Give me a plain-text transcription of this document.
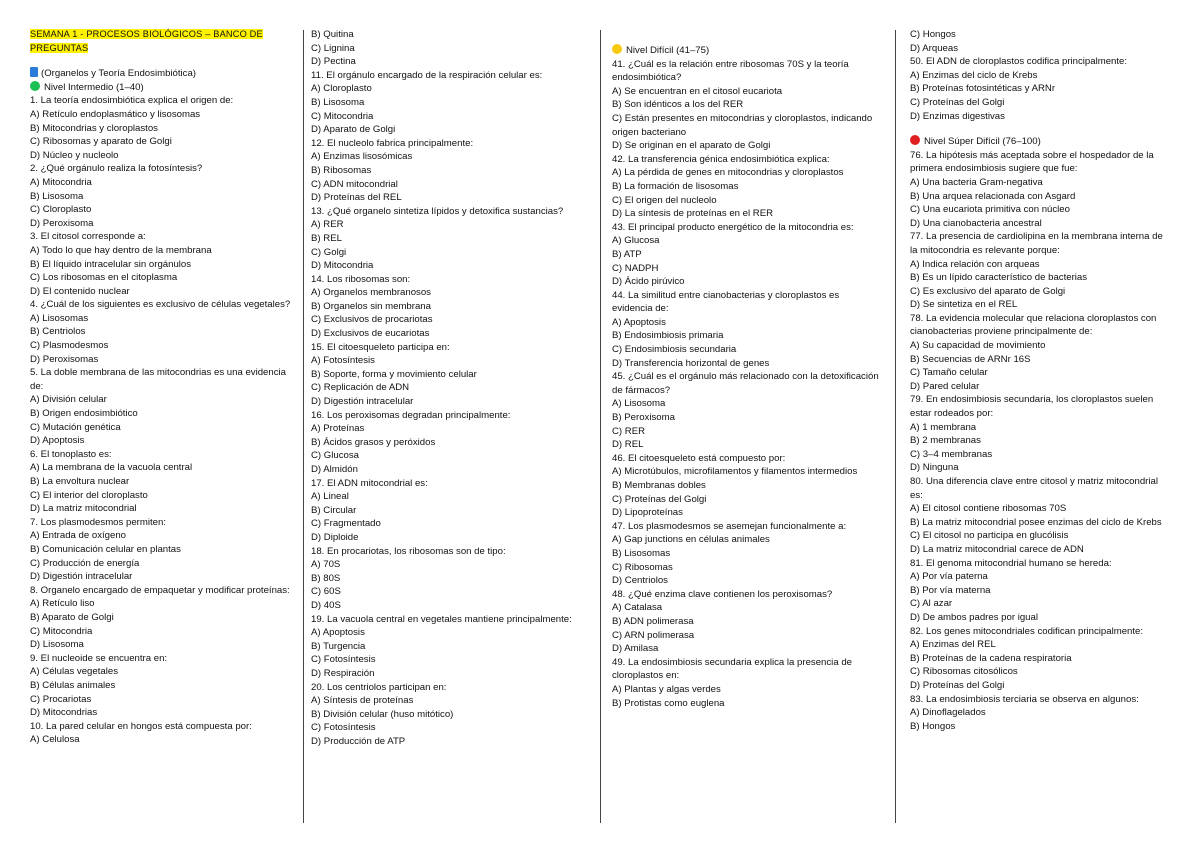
SEMANA 1 - PROCESOS BIOLÓGICOS – BANCO DE PREGUNTAS

(Organelos y Teoría Endosimbiótica)

Nivel Intermedio (1–40)

1. La teoría endosimbiótica explica el origen de:

A) Retículo endoplasmático y lisosomas

B) Mitocondrias y cloroplastos

C) Ribosomas y aparato de Golgi

D) Núcleo y nucleolo

2. ¿Qué orgánulo realiza la fotosíntesis?

A) Mitocondria

B) Lisosoma

C) Cloroplasto

D) Peroxisoma

3. El citosol corresponde a:

A) Todo lo que hay dentro de la membrana

B) El líquido intracelular sin orgánulos

C) Los ribosomas en el citoplasma

D) El contenido nuclear

4. ¿Cuál de los siguientes es exclusivo de células vegetales?

A) Lisosomas

B) Centriolos

C) Plasmodesmos

D) Peroxisomas

5. La doble membrana de las mitocondrias es una evidencia de:

A) División celular

B) Origen endosimbiótico

C) Mutación genética

D) Apoptosis

6. El tonoplasto es:

A) La membrana de la vacuola central

B) La envoltura nuclear

C) El interior del cloroplasto

D) La matriz mitocondrial

7. Los plasmodesmos permiten:

A) Entrada de oxígeno

B) Comunicación celular en plantas

C) Producción de energía

D) Digestión intracelular

8. Organelo encargado de empaquetar y modificar proteínas:

A) Retículo liso

B) Aparato de Golgi

C) Mitocondria

D) Lisosoma

9. El nucleoide se encuentra en:

A) Células vegetales

B) Células animales

C) Procariotas

D) Mitocondrias

10. La pared celular en hongos está compuesta por:

A) Celulosa

B) Quitina

C) Lignina

D) Pectina

11. El orgánulo encargado de la respiración celular es:

A) Cloroplasto

B) Lisosoma

C) Mitocondria

D) Aparato de Golgi

12. El nucleolo fabrica principalmente:

A) Enzimas lisosómicas

B) Ribosomas

C) ADN mitocondrial

D) Proteínas del REL

13. ¿Qué organelo sintetiza lípidos y detoxifica sustancias?

A) RER

B) REL

C) Golgi

D) Mitocondria

14. Los ribosomas son:

A) Organelos membranosos

B) Organelos sin membrana

C) Exclusivos de procariotas

D) Exclusivos de eucariotas

15. El citoesqueleto participa en:

A) Fotosíntesis

B) Soporte, forma y movimiento celular

C) Replicación de ADN

D) Digestión intracelular

16. Los peroxisomas degradan principalmente:

A) Proteínas

B) Ácidos grasos y peróxidos

C) Glucosa

D) Almidón

17. El ADN mitocondrial es:

A) Lineal

B) Circular

C) Fragmentado

D) Diploide

18. En procariotas, los ribosomas son de tipo:

A) 70S

B) 80S

C) 60S

D) 40S

19. La vacuola central en vegetales mantiene principalmente:

A) Apoptosis

B) Turgencia

C) Fotosíntesis

D) Respiración

20. Los centriolos participan en:

A) Síntesis de proteínas

B) División celular (huso mitótico)

C) Fotosíntesis

D) Producción de ATP

Nivel Difícil (41–75)

41. ¿Cuál es la relación entre ribosomas 70S y la teoría endosimbiótica?

A) Se encuentran en el citosol eucariota

B) Son idénticos a los del RER

C) Están presentes en mitocondrias y cloroplastos, indicando origen bacteriano

D) Se originan en el aparato de Golgi

42. La transferencia génica endosimbiótica explica:

A) La pérdida de genes en mitocondrias y cloroplastos

B) La formación de lisosomas

C) El origen del nucleolo

D) La síntesis de proteínas en el RER

43. El principal producto energético de la mitocondria es:

A) Glucosa

B) ATP

C) NADPH

D) Ácido pirúvico

44. La similitud entre cianobacterias y cloroplastos es evidencia de:

A) Apoptosis

B) Endosimbiosis primaria

C) Endosimbiosis secundaria

D) Transferencia horizontal de genes

45. ¿Cuál es el orgánulo más relacionado con la detoxificación de fármacos?

A) Lisosoma

B) Peroxisoma

C) RER

D) REL

46. El citoesqueleto está compuesto por:

A) Microtúbulos, microfilamentos y filamentos intermedios

B) Membranas dobles

C) Proteínas del Golgi

D) Lipoproteínas

47. Los plasmodesmos se asemejan funcionalmente a:

A) Gap junctions en células animales

B) Lisosomas

C) Ribosomas

D) Centriolos

48. ¿Qué enzima clave contienen los peroxisomas?

A) Catalasa

B) ADN polimerasa

C) ARN polimerasa

D) Amilasa

49. La endosimbiosis secundaria explica la presencia de cloroplastos en:

A) Plantas y algas verdes

B) Protistas como euglena

C) Hongos

D) Arqueas

50. El ADN de cloroplastos codifica principalmente:

A) Enzimas del ciclo de Krebs

B) Proteínas fotosintéticas y ARNr

C) Proteínas del Golgi

D) Enzimas digestivas

Nivel Súper Difícil (76–100)

76. La hipótesis más aceptada sobre el hospedador de la primera endosimbiosis sugiere que fue:

A) Una bacteria Gram-negativa

B) Una arquea relacionada con Asgard

C) Una eucariota primitiva con núcleo

D) Una cianobacteria ancestral

77. La presencia de cardiolipina en la membrana interna de la mitocondria es relevante porque:

A) Indica relación con arqueas

B) Es un lípido característico de bacterias

C) Es exclusivo del aparato de Golgi

D) Se sintetiza en el REL

78. La evidencia molecular que relaciona cloroplastos con cianobacterias proviene principalmente de:

A) Su capacidad de movimiento

B) Secuencias de ARNr 16S

C) Tamaño celular

D) Pared celular

79. En endosimbiosis secundaria, los cloroplastos suelen estar rodeados por:

A) 1 membrana

B) 2 membranas

C) 3–4 membranas

D) Ninguna

80. Una diferencia clave entre citosol y matriz mitocondrial es:

A) El citosol contiene ribosomas 70S

B) La matriz mitocondrial posee enzimas del ciclo de Krebs

C) El citosol no participa en glucólisis

D) La matriz mitocondrial carece de ADN

81. El genoma mitocondrial humano se hereda:

A) Por vía paterna

B) Por vía materna

C) Al azar

D) De ambos padres por igual

82. Los genes mitocondriales codifican principalmente:

A) Enzimas del REL

B) Proteínas de la cadena respiratoria

C) Ribosomas citosólicos

D) Proteínas del Golgi

83. La endosimbiosis terciaria se observa en algunos:

A) Dinoflagelados

B) Hongos
